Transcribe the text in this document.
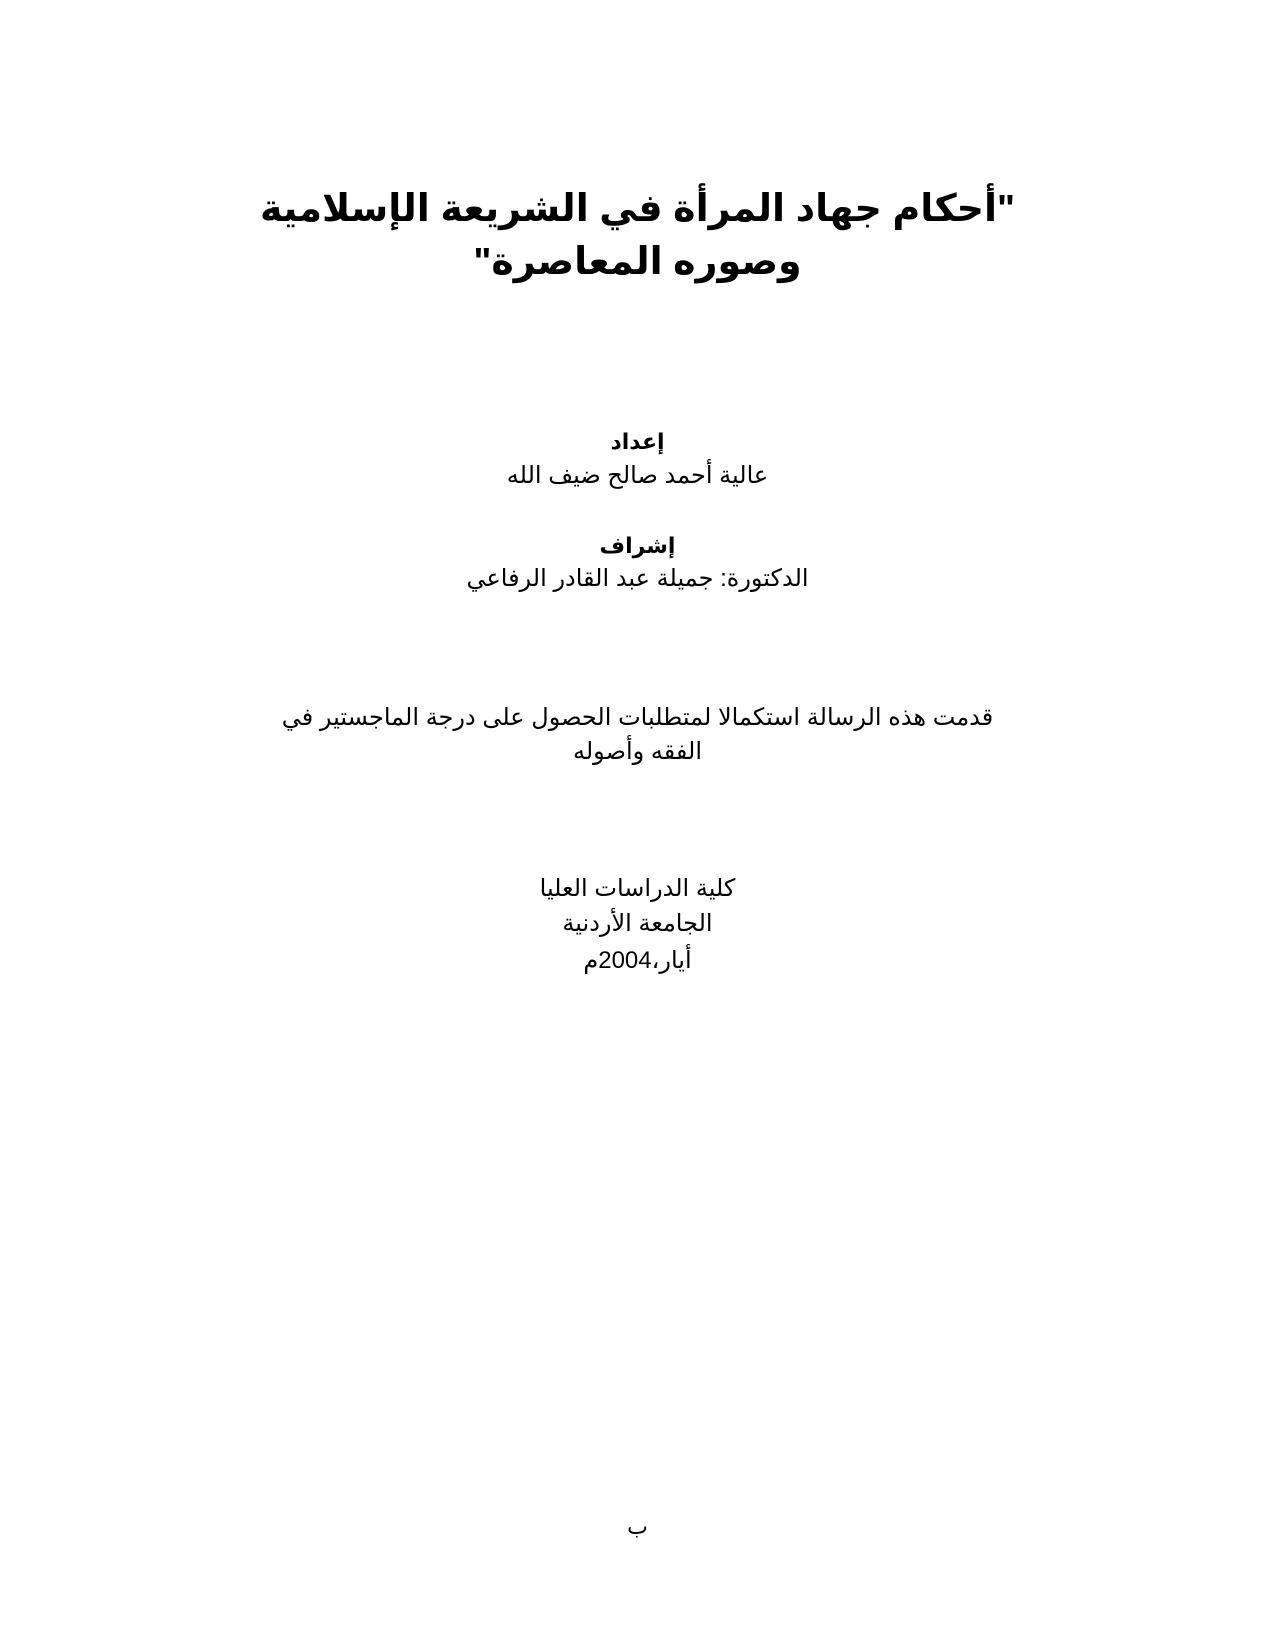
"أحكام جهاد المرأة في الشريعة الإسلامية
وصوره المعاصرة"
إعداد
عالية أحمد صالح ضيف الله
إشراف
الدكتورة: جميلة عبد القادر الرفاعي
قدمت هذه الرسالة استكمالا لمتطلبات الحصول على درجة الماجستير في
الفقه وأصوله
كلية الدراسات العليا
الجامعة الأردنية
أيار،2004م
ب
